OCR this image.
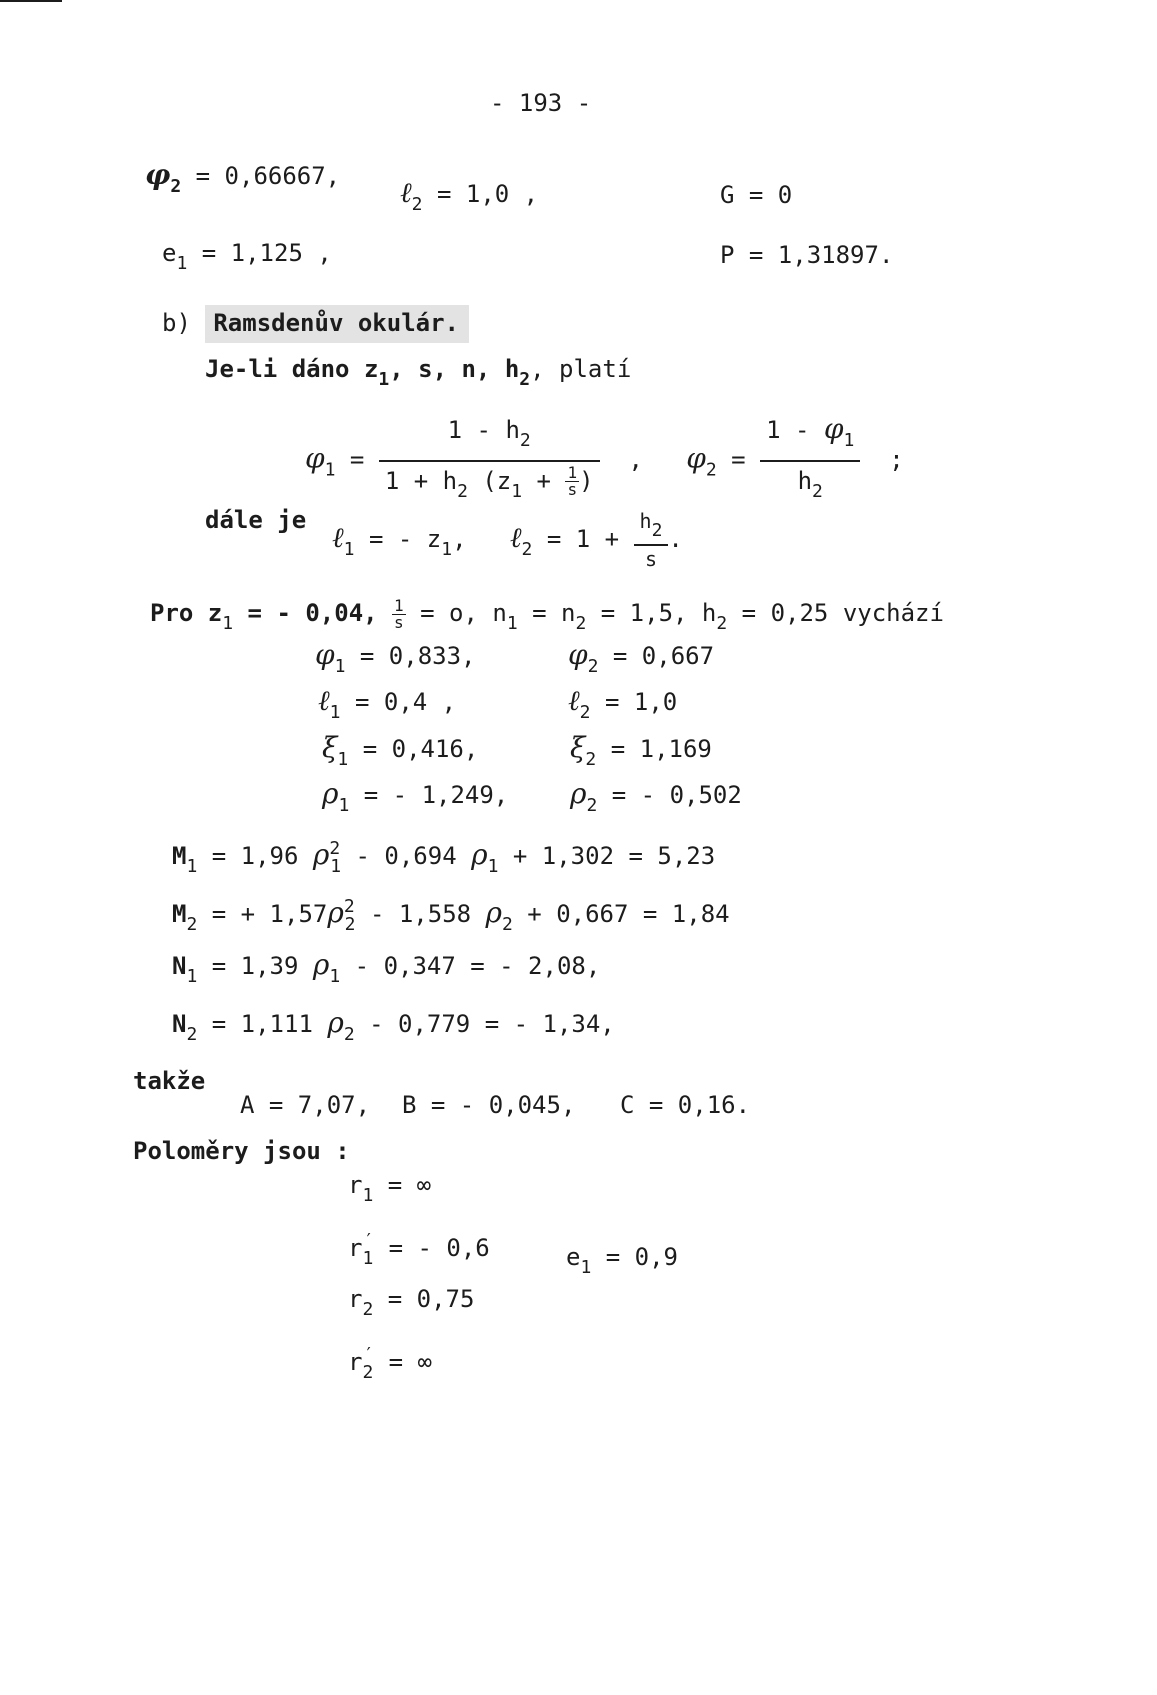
- 193 -
$\varphi_2 = 0,66667$, ℓ$_2$ = 1,0 ,	G = 0
$e_1 = 1,125$ ,	P = 1,31897.
b) Ramsdenův okulár.
Je-li dáno $z_1$, s, n, $h_2$, platí
$\varphi_1 = \frac{1 - h_2}{1 + h_2 (z_1 + \frac{1}{s} )}$ , $\varphi_2 = \frac{1 - \varphi_1}{h_2}$ ;
dále je
ℓ$_1$ = - $z_1$,   ℓ$_2$ = $1 + \frac{h2}{s}$ .
Pro $z_1$ = - 0,04, $\frac{1}{s} = o$, $n_1 = n_2 = 1,5$, $h_2 = 0,25$ vychází
$\varphi_1 = 0,833$,	$\varphi_2 = 0,667$
ℓ$_1$ = 0,4 ,	ℓ$_2$ = 1,0
$\xi_1 = 0,416$,	$\xi_2 = 1,169$
$\rho_1$ = - 1,249, $\rho_2$ = - 0,502
$M_1 = 1,96$ $\rho^2_1 - 0,694$ $\rho_1 + 1,302 = 5,23$
$M_2$ = + $1,57\rho^2_2 - 1,558$ $\rho_2 + 0,667 = 1,84$
$N_1 = 1,39$ $\rho_1 - 0,347$ = - 2,08,
$N_2 = 1,111$ $\rho_2 - 0,779$ = - 1,34,
takže
A = 7,07, B = - 0,045, C = 0,16.
Poloměry jsou :
$r_1$ = ∞
$r_1'$ = - 0,6	$e_1 = 0,9$
$r_2 = 0,75$
$r_2'$ = ∞
